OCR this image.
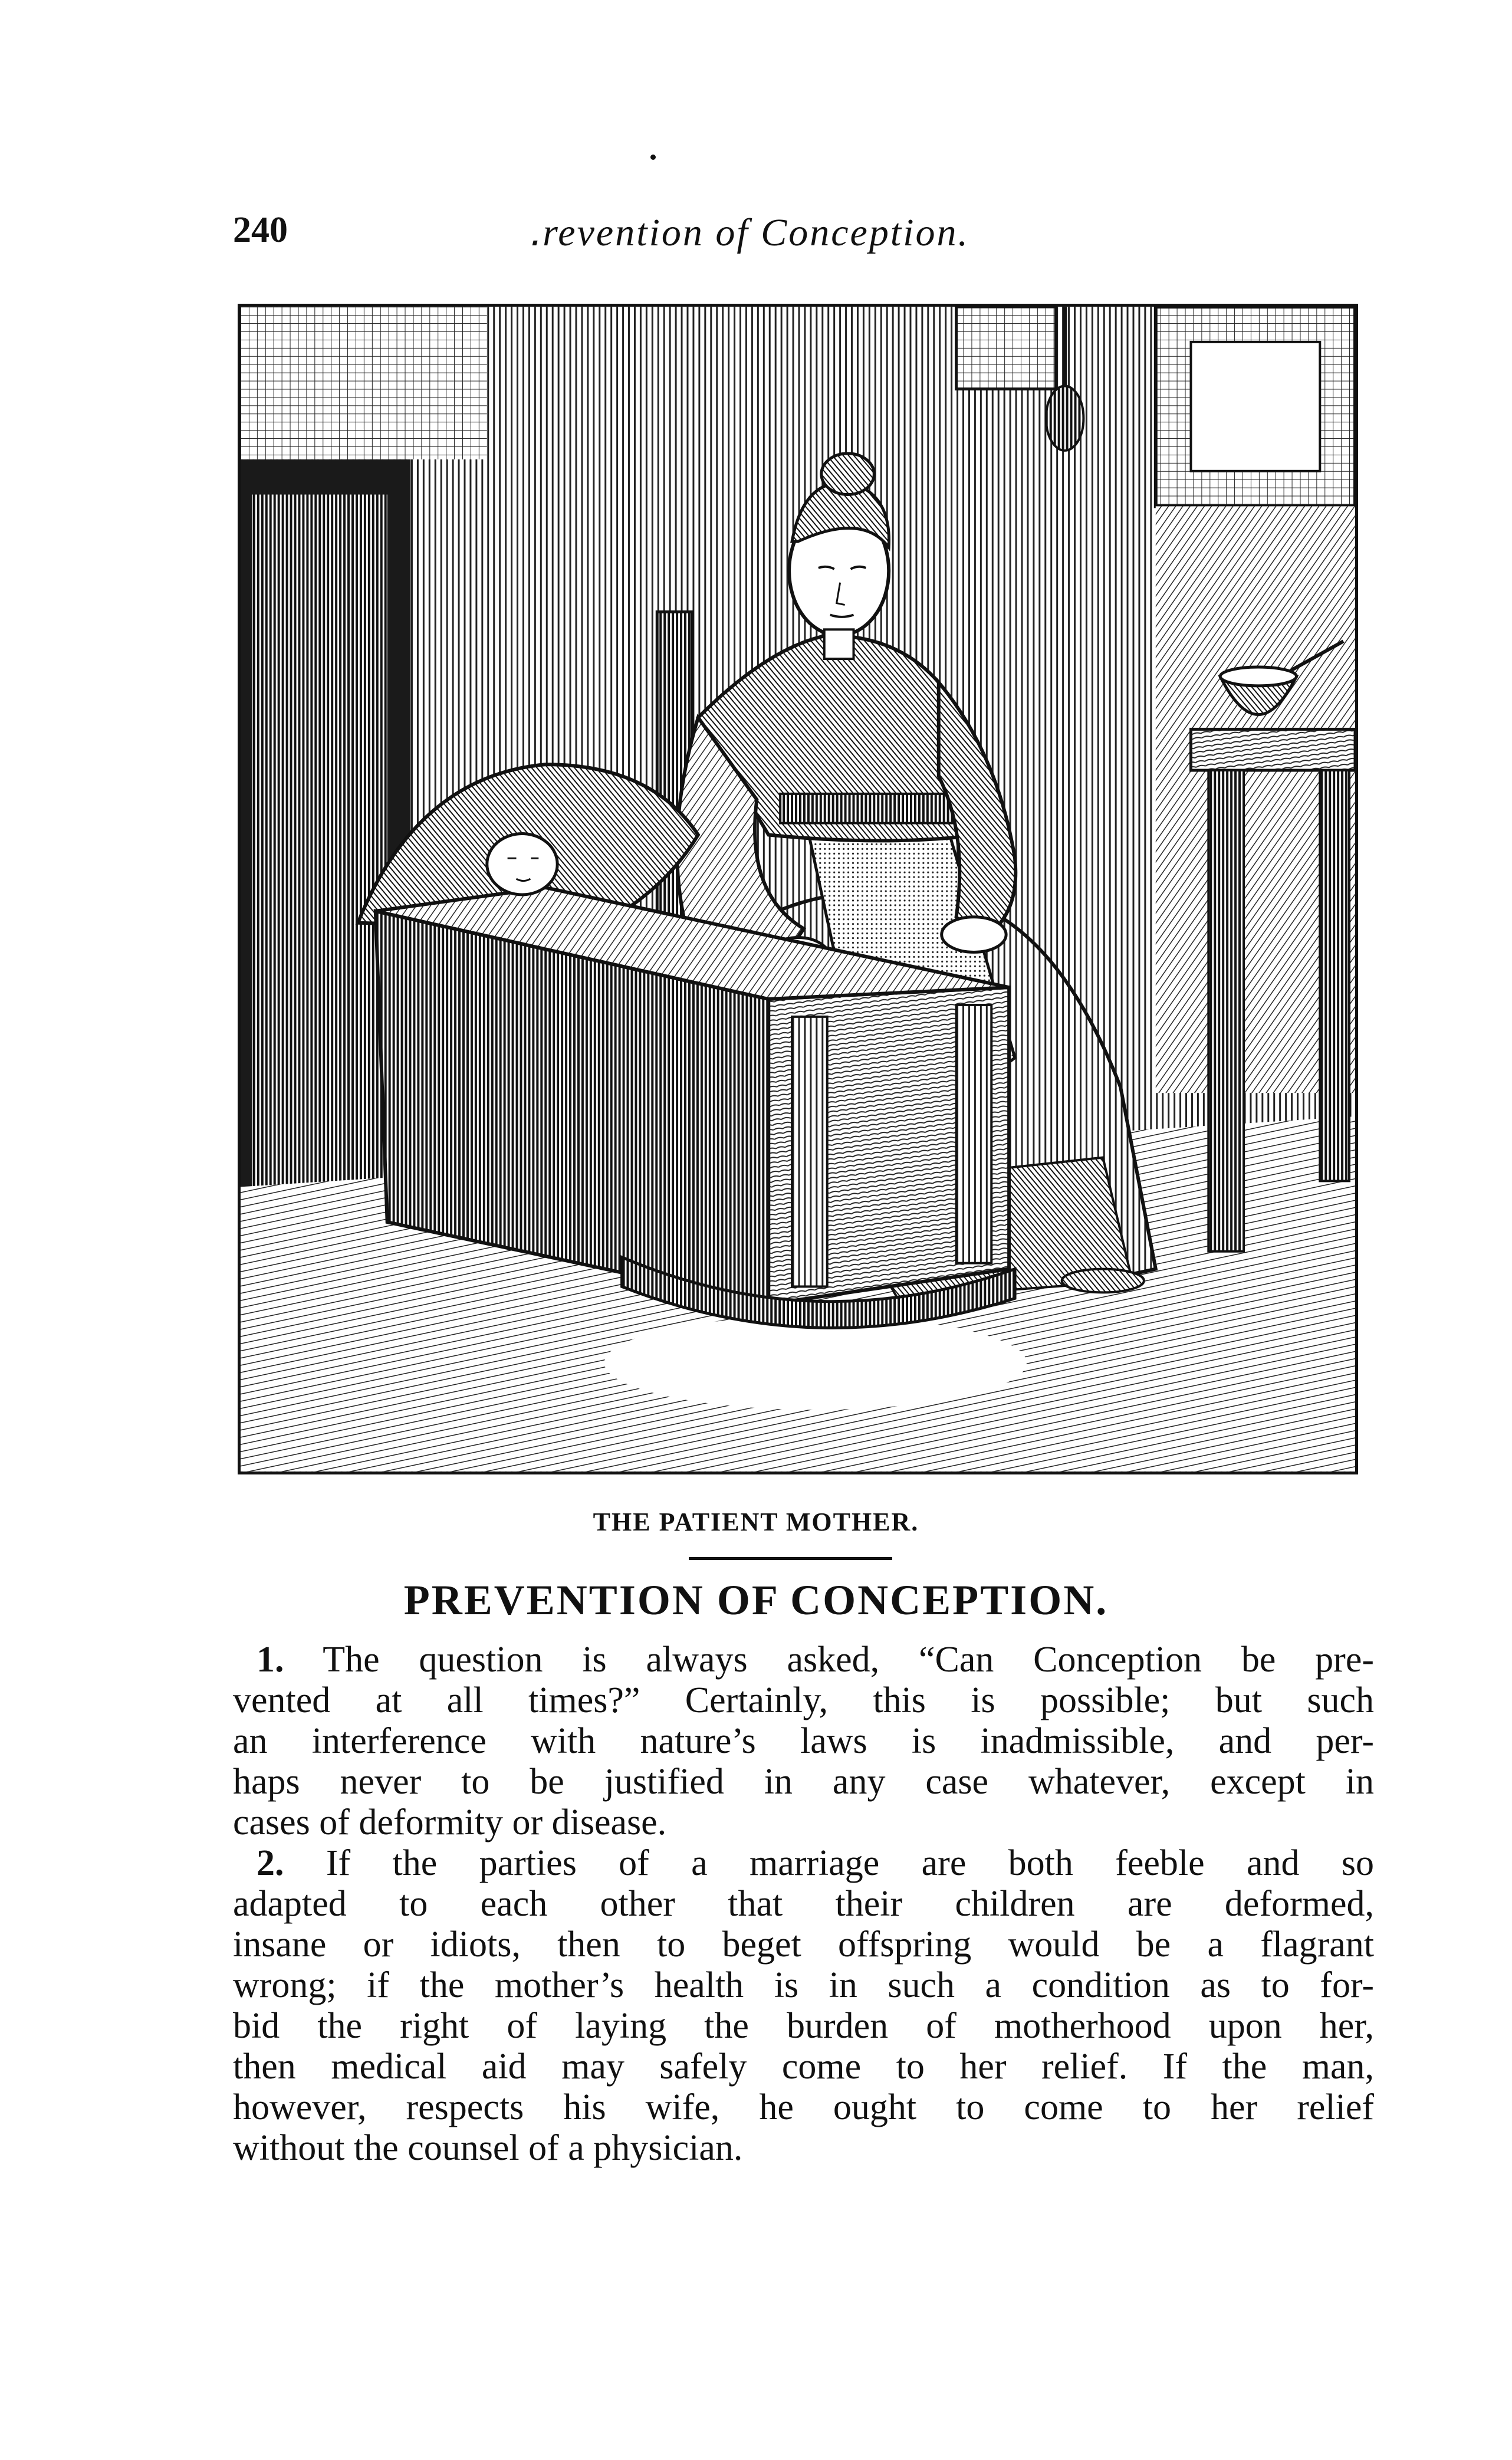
240	․revention of Conception.
THE PATIENT MOTHER.
PREVENTION OF CONCEPTION.
1. The question is always asked, “Can Conception be pre-
vented at all times?” Certainly, this is possible; but such
an interference with nature’s laws is inadmissible, and per-
haps never to be justified in any case whatever, except in
cases of deformity or disease.
2. If the parties of a marriage are both feeble and so
adapted to each other that their children are deformed,
insane or idiots, then to beget offspring would be a flagrant
wrong; if the mother’s health is in such a condition as to for-
bid the right of laying the burden of motherhood upon her,
then medical aid may safely come to her relief. If the man,
however, respects his wife, he ought to come to her relief
without the counsel of a physician.
